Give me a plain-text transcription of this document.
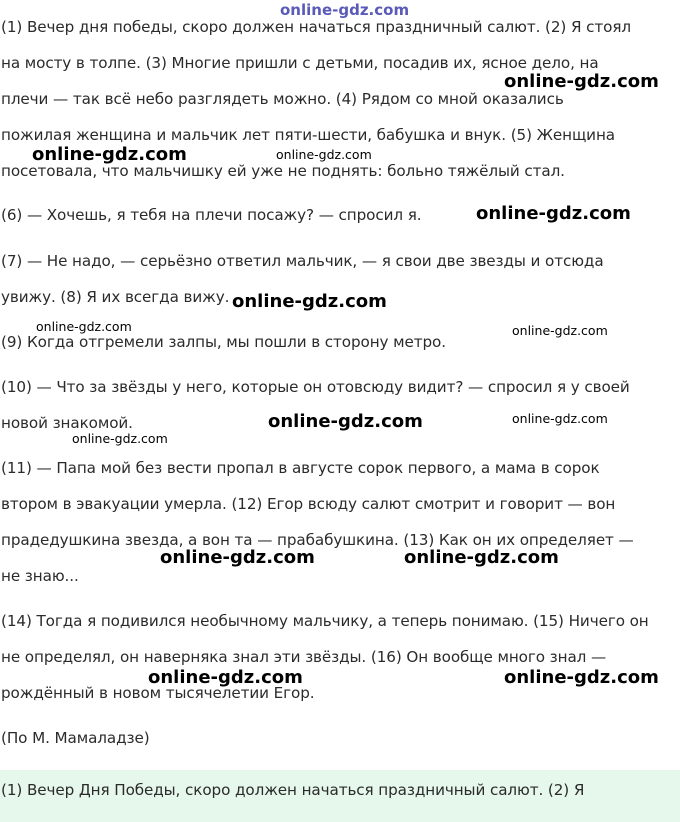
(1) Вечер дня победы, скоро должен начаться праздничный салют. (2) Я стоял
на мосту в толпе. (3) Многие пришли с детьми, посадив их, ясное дело, на
плечи — так всё небо разглядеть можно. (4) Рядом со мной оказались
пожилая женщина и мальчик лет пяти-шести, бабушка и внук. (5) Женщина
посетовала, что мальчишку ей уже не поднять: больно тяжёлый стал.
(6) — Хочешь, я тебя на плечи посажу? — спросил я.
(7) — Не надо, — серьёзно ответил мальчик, — я свои две звезды и отсюда
увижу. (8) Я их всегда вижу.
(9) Когда отгремели залпы, мы пошли в сторону метро.
(10) — Что за звёзды у него, которые он отовсюду видит? — спросил я у своей
новой знакомой.
(11) — Папа мой без вести пропал в августе сорок первого, а мама в сорок
втором в эвакуации умерла. (12) Егор всюду салют смотрит и говорит — вон
прадедушкина звезда, а вон та — прабабушкина. (13) Как он их определяет —
не знаю...
(14) Тогда я подивился необычному мальчику, а теперь понимаю. (15) Ничего он
не определял, он наверняка знал эти звёзды. (16) Он вообще много знал —
рождённый в новом тысячелетии Егор.
(По М. Мамаладзе)
(1) Вечер Дня Победы, скоро должен начаться праздничный салют. (2) Я
online-gdz.com
online-gdz.com
online-gdz.com	online-gdz.com
online-gdz.com
online-gdz.com
online-gdz.com	online-gdz.com
online-gdz.com
online-gdz.com
online-gdz.com
online-gdz.com	online-gdz.com
online-gdz.com	online-gdz.com
